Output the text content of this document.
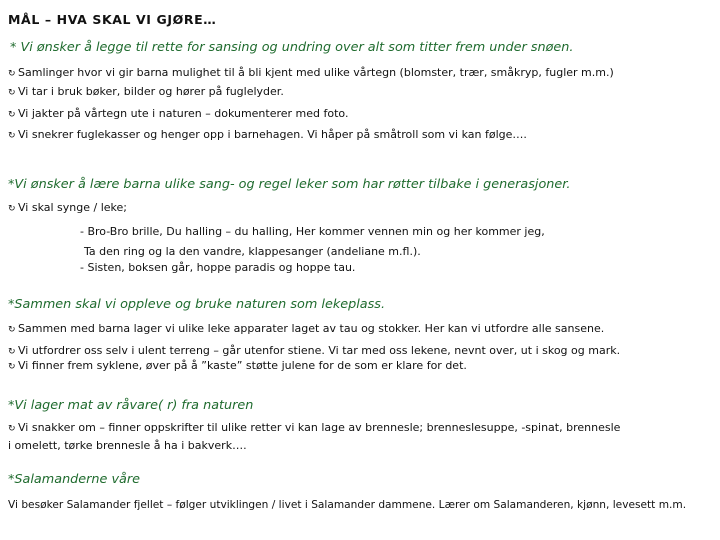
MÅL – HVA SKAL VI GJØRE…
* Vi ønsker å legge til rette for sansing og undring over alt som titter frem under snøen.
↻ Samlinger hvor vi gir barna mulighet til å bli kjent med ulike vårtegn (blomster, trær, småkryp, fugler m.m.)
↻ Vi tar i bruk bøker, bilder og hører på fuglelyder.
↻ Vi jakter på vårtegn ute i naturen – dokumenterer med foto.
↻ Vi snekrer fuglekasser og henger opp i barnehagen. Vi håper på småtroll som vi kan følge….
*Vi ønsker å lære barna ulike sang- og regel leker som har røtter tilbake i generasjoner.
↻ Vi skal synge / leke;
- Bro-Bro brille, Du halling – du halling, Her kommer vennen min og her kommer jeg,
Ta den ring og la den vandre, klappesanger (andeliane m.fl.).
- Sisten, boksen går, hoppe paradis og hoppe tau.
*Sammen skal vi oppleve og bruke naturen som lekeplass.
↻ Sammen med barna lager vi ulike leke apparater laget av tau og stokker. Her kan vi utfordre alle sansene.
↻ Vi utfordrer oss selv i ulent terreng – går utenfor stiene. Vi tar med oss lekene, nevnt over, ut i skog og mark.
↻ Vi finner frem syklene, øver på å ”kaste” støtte julene for de som er klare for det.
*Vi lager mat av råvare( r) fra naturen
↻ Vi snakker om – finner oppskrifter til ulike retter vi kan lage av brennesle; brenneslesuppe, -spinat, brennesle
i omelett, tørke brennesle å ha i bakverk….
*Salamanderne våre
Vi besøker Salamander fjellet – følger utviklingen / livet i Salamander dammene. Lærer om Salamanderen, kjønn, levesett m.m.
